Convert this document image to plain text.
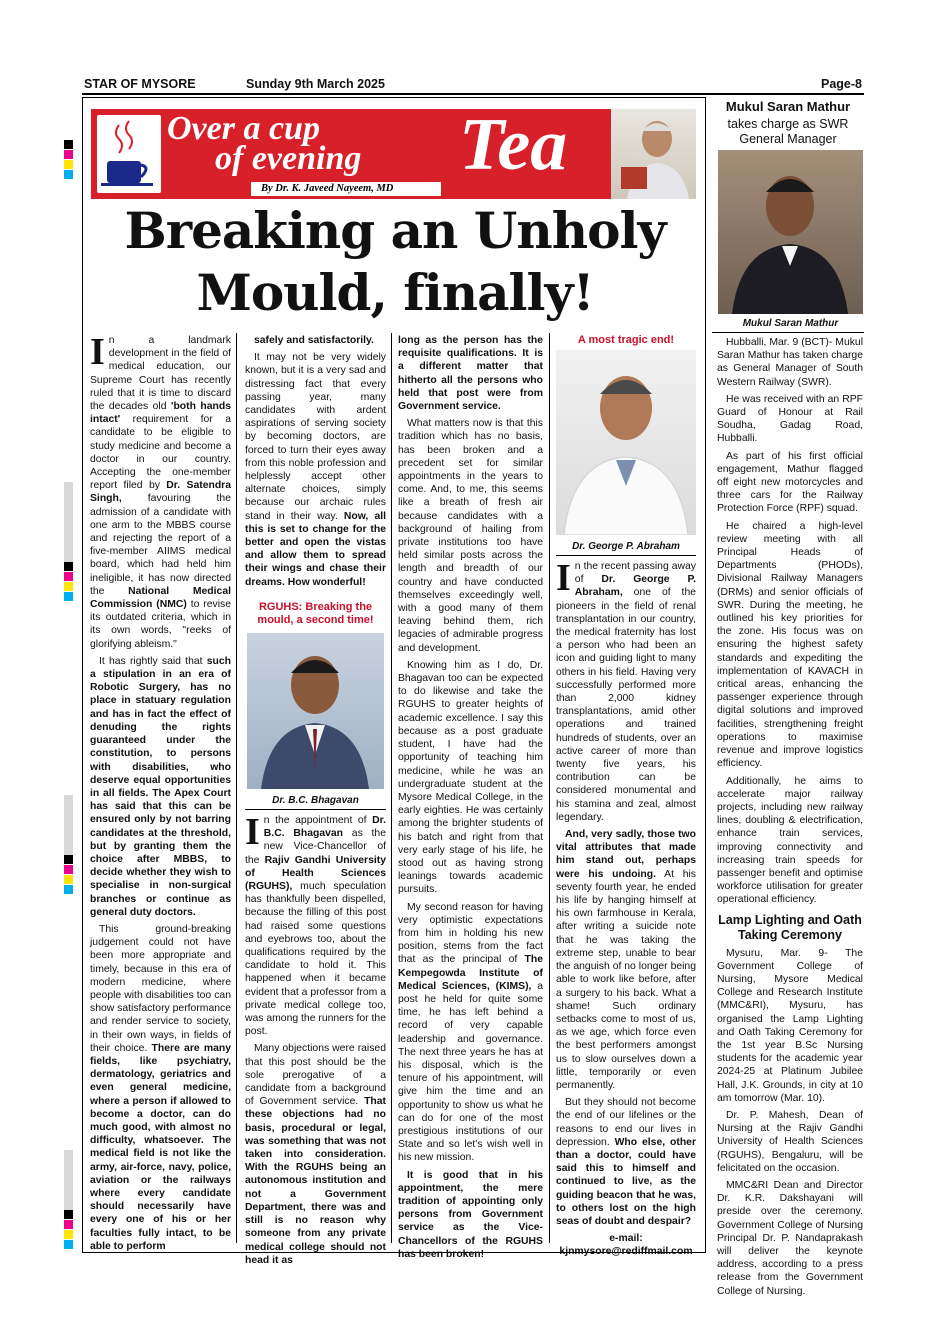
STAR OF MYSORE	Sunday 9th March 2025	Page-8
Over a cup
of evening Tea
By Dr. K. Javeed Nayeem, MD
Breaking an Unholy
Mould, finally!

In a landmark development in the field of medical education, our Supreme Court has recently ruled that it is time to discard the decades old 'both hands intact' requirement for a candidate to be eligible to study medicine and become a doctor in our country. Accepting the one-member report filed by Dr. Satendra Singh, favouring the admission of a candidate with one arm to the MBBS course and rejecting the report of a five-member AIIMS medical board, which had held him ineligible, it has now directed the National Medical Commission (NMC) to revise its outdated criteria, which in its own words, "reeks of glorifying ableism."

It has rightly said that such a stipulation in an era of Robotic Surgery, has no place in statuary regulation and has in fact the effect of denuding the rights guaranteed under the constitution, to persons with disabilities, who deserve equal opportunities in all fields. The Apex Court has said that this can be ensured only by not barring candidates at the threshold, but by granting them the choice after MBBS, to decide whether they wish to specialise in non-surgical branches or continue as general duty doctors.

This ground-breaking judgement could not have been more appropriate and timely, because in this era of modern medicine, where people with disabilities too can show satisfactory performance and render service to society, in their own ways, in fields of their choice. There are many fields, like psychiatry, dermatology, geriatrics and even general medicine, where a person if allowed to become a doctor, can do much good, with almost no difficulty, whatsoever. The medical field is not like the army, air-force, navy, police, aviation or the railways where every candidate should necessarily have every one of his or her faculties fully intact, to be able to perform

safely and satisfactorily.

It may not be very widely known, but it is a very sad and distressing fact that every passing year, many candidates with ardent aspirations of serving society by becoming doctors, are forced to turn their eyes away from this noble profession and helplessly accept other alternate choices, simply because our archaic rules stand in their way. Now, all this is set to change for the better and open the vistas and allow them to spread their wings and chase their dreams. How wonderful!

RGUHS: Breaking the mould, a second time!
Dr. B.C. Bhagavan

In the appointment of Dr. B.C. Bhagavan as the new Vice-Chancellor of the Rajiv Gandhi University of Health Sciences (RGUHS), much speculation has thankfully been dispelled, because the filling of this post had raised some questions and eyebrows too, about the qualifications required by the candidate to hold it. This happened when it became evident that a professor from a private medical college too, was among the runners for the post.

Many objections were raised that this post should be the sole prerogative of a candidate from a background of Government service. That these objections had no basis, procedural or legal, was something that was not taken into consideration. With the RGUHS being an autonomous institution and not a Government Department, there was and still is no reason why someone from any private medical college should not head it as

long as the person has the requisite qualifications. It is a different matter that hitherto all the persons who held that post were from Government service.

What matters now is that this tradition which has no basis, has been broken and a precedent set for similar appointments in the years to come. And, to me, this seems like a breath of fresh air because candidates with a background of hailing from private institutions too have held similar posts across the length and breadth of our country and have conducted themselves exceedingly well, with a good many of them leaving behind them, rich legacies of admirable progress and development.

Knowing him as I do, Dr. Bhagavan too can be expected to do likewise and take the RGUHS to greater heights of academic excellence. I say this because as a post graduate student, I have had the opportunity of teaching him medicine, while he was an undergraduate student at the Mysore Medical College, in the early eighties. He was certainly among the brighter students of his batch and right from that very early stage of his life, he stood out as having strong leanings towards academic pursuits.

My second reason for having very optimistic expectations from him in holding his new position, stems from the fact that as the principal of The Kempegowda Institute of Medical Sciences, (KIMS), a post he held for quite some time, he has left behind a record of very capable leadership and governance. The next three years he has at his disposal, which is the tenure of his appointment, will give him the time and an opportunity to show us what he can do for one of the most prestigious institutions of our State and so let's wish well in his new mission.

It is good that in his appointment, the mere tradition of appointing only persons from Government service as the Vice-Chancellors of the RGUHS has been broken!

A most tragic end!
Dr. George P. Abraham

In the recent passing away of Dr. George P. Abraham, one of the pioneers in the field of renal transplantation in our country, the medical fraternity has lost a person who had been an icon and guiding light to many others in his field. Having very successfully performed more than 2,000 kidney transplantations, amid other operations and trained hundreds of students, over an active career of more than twenty five years, his contribution can be considered monumental and his stamina and zeal, almost legendary.

And, very sadly, those two vital attributes that made him stand out, perhaps were his undoing. At his seventy fourth year, he ended his life by hanging himself at his own farmhouse in Kerala, after writing a suicide note that he was taking the extreme step, unable to bear the anguish of no longer being able to work like before, after a surgery to his back. What a shame! Such ordinary setbacks come to most of us, as we age, which force even the best performers amongst us to slow ourselves down a little, temporarily or even permanently.

But they should not become the end of our lifelines or the reasons to end our lives in depression. Who else, other than a doctor, could have said this to himself and continued to live, as the guiding beacon that he was, to others lost on the high seas of doubt and despair?

e-mail:
kjnmysore@rediffmail.com
Mukul Saran Mathur
takes charge as SWR General Manager
Mukul Saran Mathur

Hubballi, Mar. 9 (BCT)- Mukul Saran Mathur has taken charge as General Manager of South Western Railway (SWR).

He was received with an RPF Guard of Honour at Rail Soudha, Gadag Road, Hubballi.

As part of his first official engagement, Mathur flagged off eight new motorcycles and three cars for the Railway Protection Force (RPF) squad.

He chaired a high-level review meeting with all Principal Heads of Departments (PHODs), Divisional Railway Managers (DRMs) and senior officials of SWR. During the meeting, he outlined his key priorities for the zone. His focus was on ensuring the highest safety standards and expediting the implementation of KAVACH in critical areas, enhancing the passenger experience through digital solutions and improved facilities, strengthening freight operations to maximise revenue and improve logistics efficiency.

Additionally, he aims to accelerate major railway projects, including new railway lines, doubling & electrification, enhance train services, improving connectivity and increasing train speeds for passenger benefit and optimise workforce utilisation for greater operational efficiency.

Lamp Lighting and Oath Taking Ceremony

Mysuru, Mar. 9- The Government College of Nursing, Mysore Medical College and Research Institute (MMC&RI), Mysuru, has organised the Lamp Lighting and Oath Taking Ceremony for the 1st year B.Sc Nursing students for the academic year 2024-25 at Platinum Jubilee Hall, J.K. Grounds, in city at 10 am tomorrow (Mar. 10).

Dr. P. Mahesh, Dean of Nursing at the Rajiv Gandhi University of Health Sciences (RGUHS), Bengaluru, will be felicitated on the occasion.

MMC&RI Dean and Director Dr. K.R. Dakshayani will preside over the ceremony. Government College of Nursing Principal Dr. P. Nandaprakash will deliver the keynote address, according to a press release from the Government College of Nursing.
